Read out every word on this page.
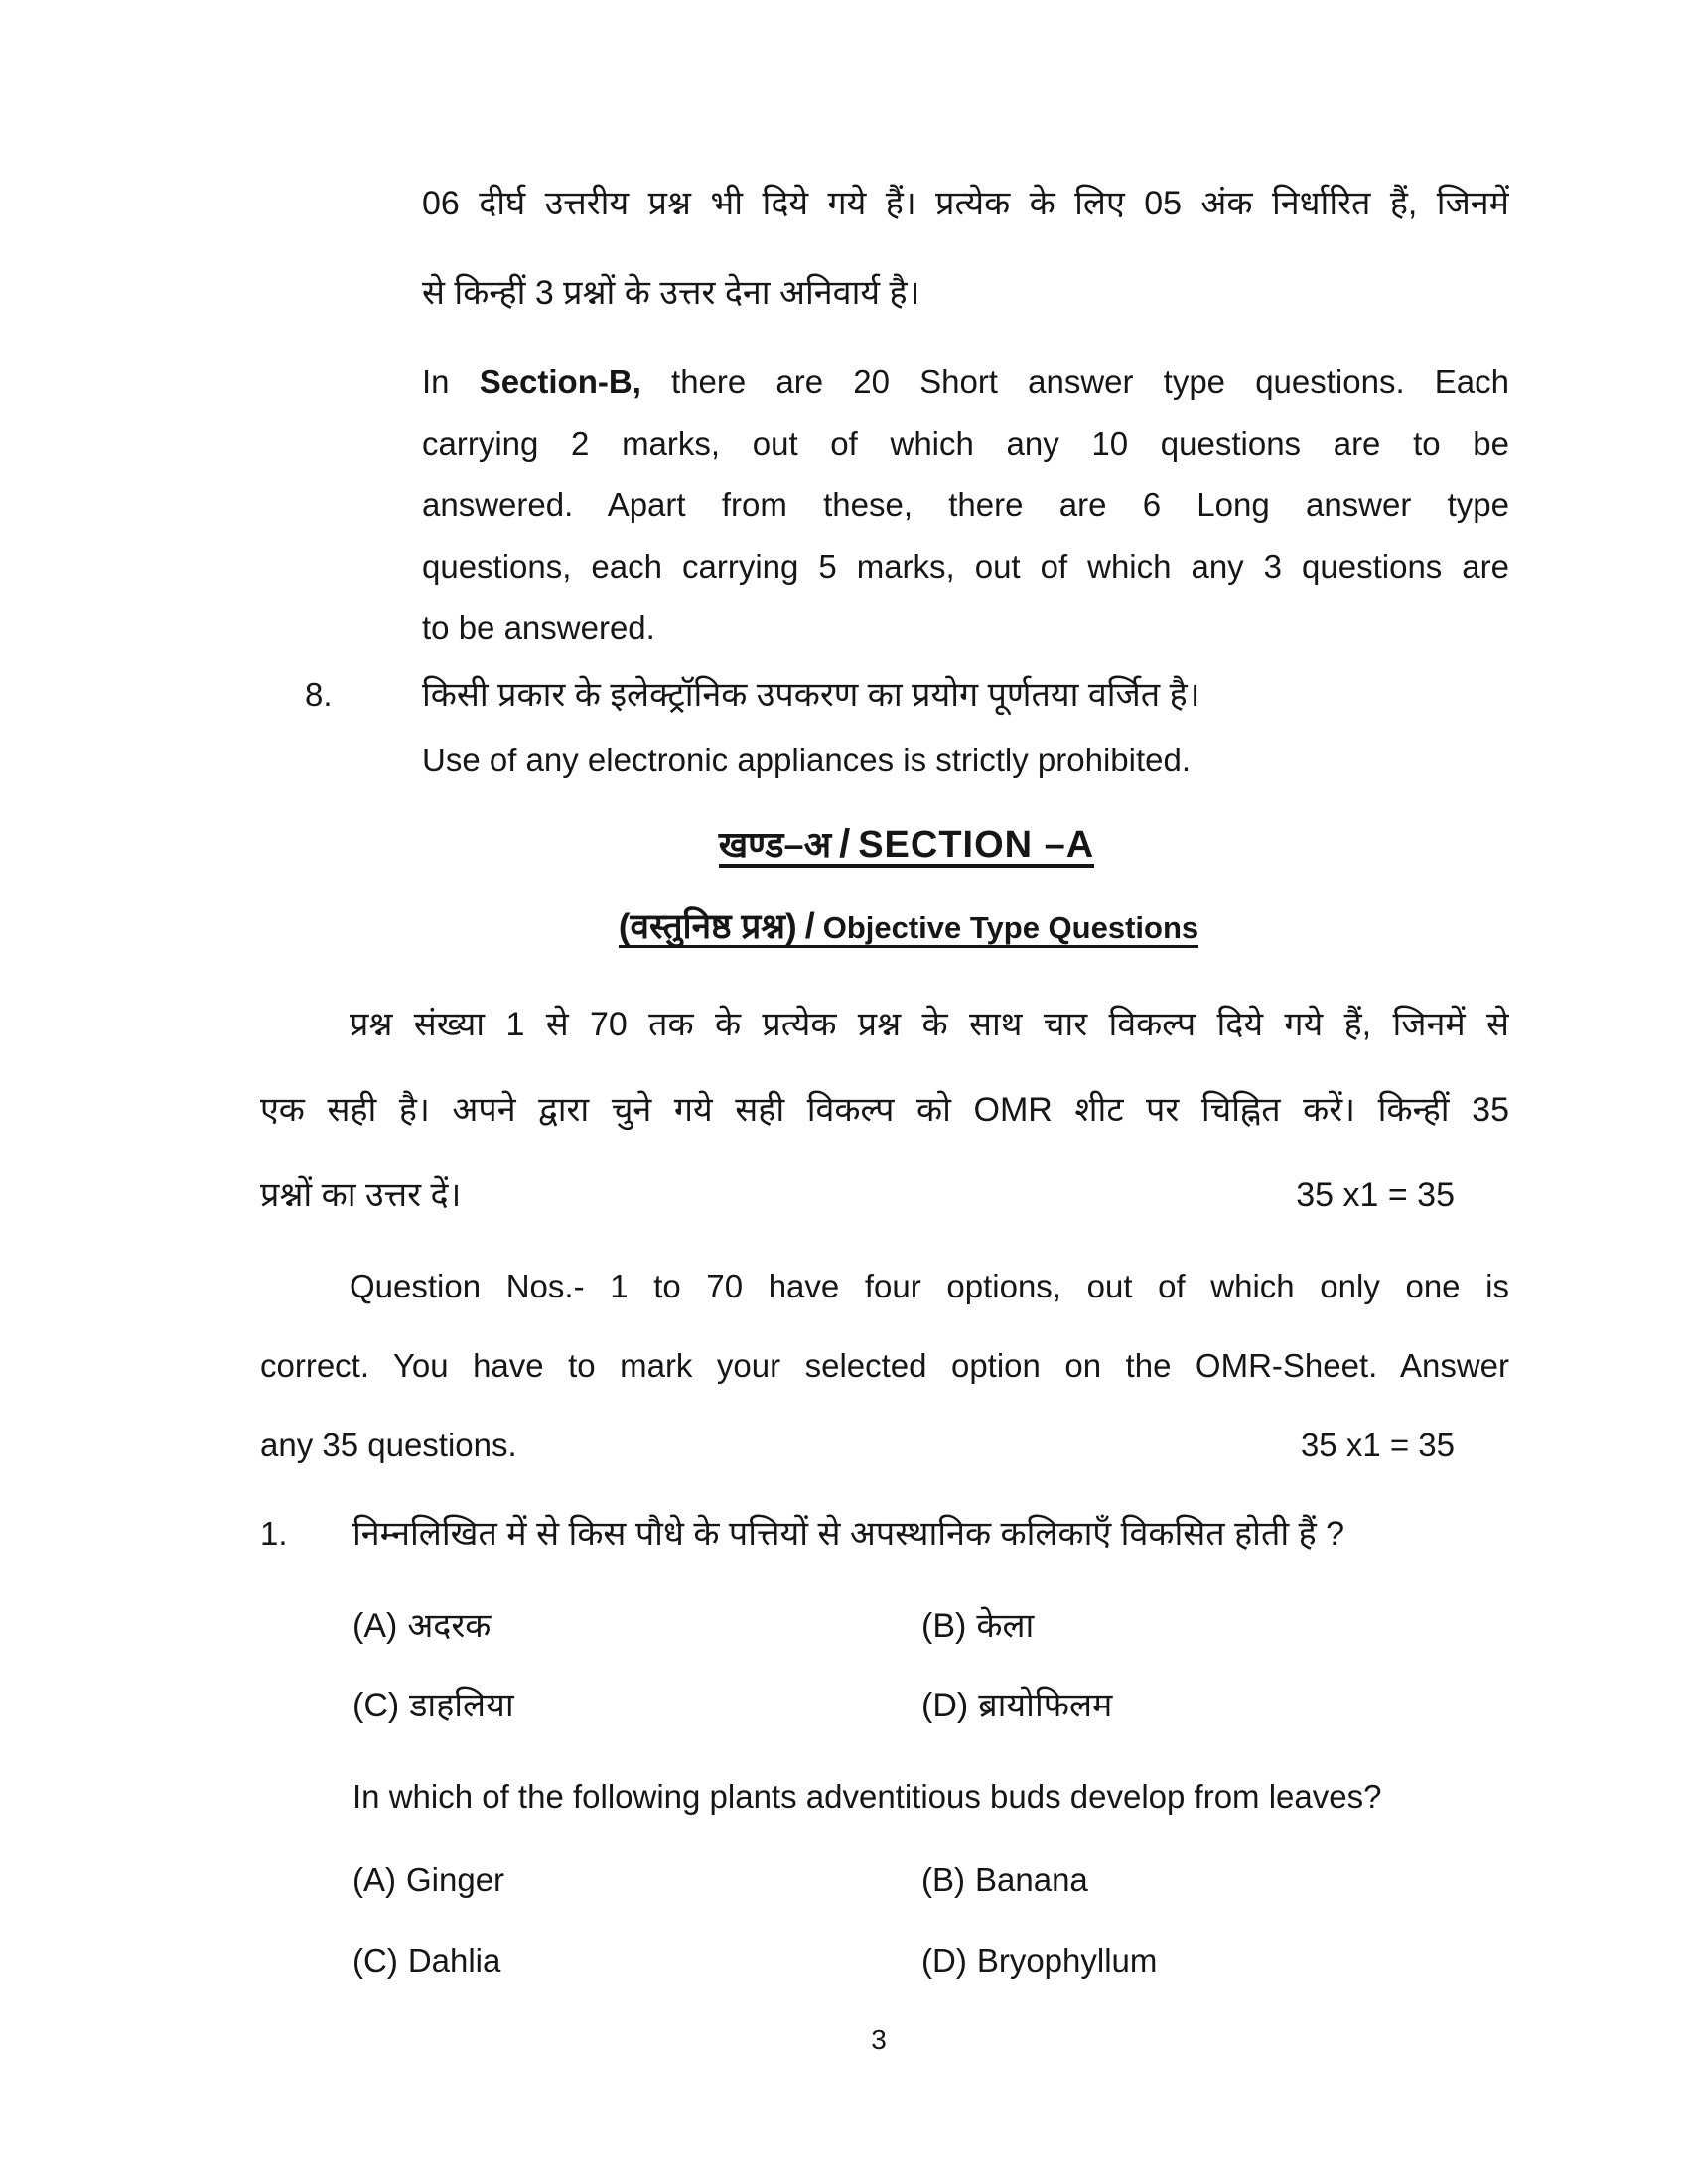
06 दीर्घ उत्तरीय प्रश्न भी दिये गये हैं। प्रत्येक के लिए 05 अंक निर्धारित हैं, जिनमें
से किन्हीं 3 प्रश्नों के उत्तर देना अनिवार्य है।
In Section-B, there are 20 Short answer type questions. Each
carrying 2 marks, out of which any 10 questions are to be
answered. Apart from these, there are 6 Long answer type
questions, each carrying 5 marks, out of which any 3 questions are
to be answered.
8.	किसी प्रकार के इलेक्ट्रॉनिक उपकरण का प्रयोग पूर्णतया वर्जित है।
Use of any electronic appliances is strictly prohibited.
खण्ड–अ / SECTION –A
(वस्तुनिष्ठ प्रश्न) / Objective Type Questions
प्रश्न संख्या 1 से 70 तक के प्रत्येक प्रश्न के साथ चार विकल्प दिये गये हैं, जिनमें से
एक सही है। अपने द्वारा चुने गये सही विकल्प को OMR शीट पर चिह्नित करें। किन्हीं 35
प्रश्नों का उत्तर दें।	35 x1 = 35
Question Nos.- 1 to 70 have four options, out of which only one is
correct. You have to mark your selected option on the OMR-Sheet. Answer
any 35 questions.	35 x1 = 35
1.	निम्नलिखित में से किस पौधे के पत्तियों से अपस्थानिक कलिकाएँ विकसित होती हैं ?
(A) अदरक	(B) केला
(C) डाहलिया	(D) ब्रायोफिलम
In which of the following plants adventitious buds develop from leaves?
(A) Ginger	(B) Banana
(C) Dahlia	(D) Bryophyllum
3
